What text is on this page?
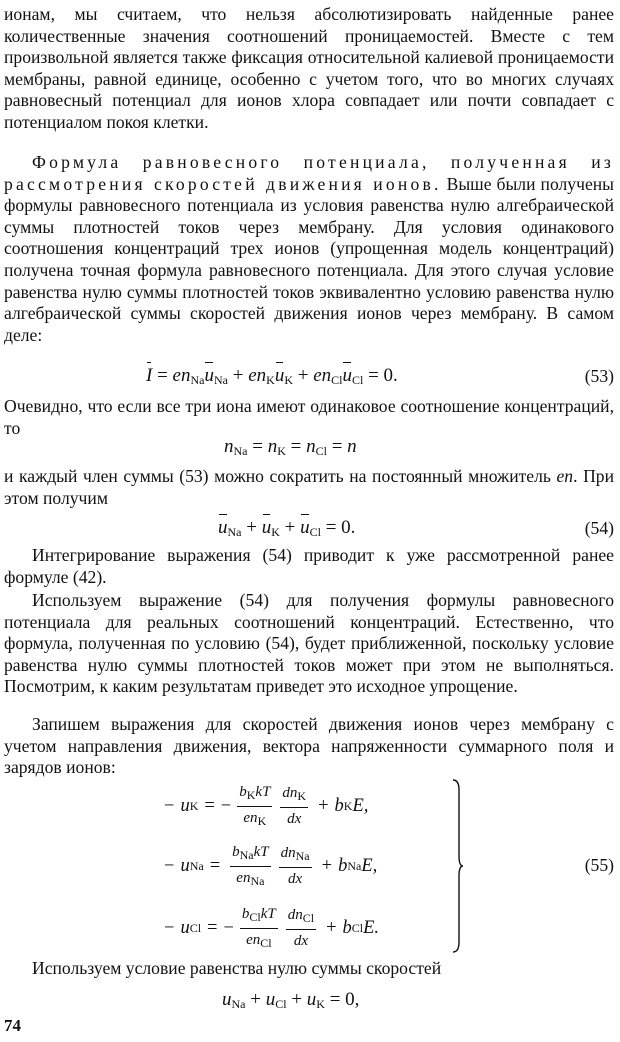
ионам, мы считаем, что нельзя абсолютизировать найденные ранее количественные значения соотношений проницаемостей. Вместе с тем произвольной является также фиксация относительной калиевой проницаемости мембраны, равной единице, особенно с учетом того, что во многих случаях равновесный потенциал для ионов хлора совпадает или почти совпадает с потенциалом покоя клетки.

Формула равновесного потенциала, полученная из рассмотрения скоростей движения ионов. Выше были получены формулы равновесного потенциала из условия равенства нулю алгебраической суммы плотностей токов через мембрану. Для условия одинакового соотношения концентраций трех ионов (упрощенная модель концентраций) получена точная формула равновесного потенциала. Для этого случая условие равенства нулю суммы плотностей токов эквивалентно условию равенства нулю алгебраической суммы скоростей движения ионов через мембрану. В самом деле:

$I = en_{Na}u_{Na} + en_Ku_K + en_{Cl}u_{Cl} = 0$.	(53)

Очевидно, что если все три иона имеют одинаковое соотношение концентраций, то

$n_{Na} = n_K = n_{Cl} = n$

и каждый член суммы (53) можно сократить на постоянный множитель en. При этом получим

$u_{Na} + u_K + u_{Cl} = 0$.	(54)

Интегрирование выражения (54) приводит к уже рассмотренной ранее формуле (42).

Используем выражение (54) для получения формулы равновесного потенциала для реальных соотношений концентраций. Естественно, что формула, полученная по условию (54), будет приближенной, поскольку условие равенства нулю суммы плотностей токов может при этом не выполняться. Посмотрим, к каким результатам приведет это исходное упрощение.

Запишем выражения для скоростей движения ионов через мембрану с учетом направления движения, вектора напряженности суммарного поля и зарядов ионов:

− u K = − $\frac{b_KkT}{en_K} \frac{dn_K}{dx} + b$ K E,
− u $Na = \frac{b_{Na}kT}{en_{Na}} \frac{dn_{Na}}{dx} + b$ Na E,
− u Cl = − $\frac{b_{Cl}kT}{en_{Cl}} \frac{dn_{Cl}}{dx} + b$ Cl E.
(55)

Используем условие равенства нулю суммы скоростей

$u_{Na} + u_{Cl} + u_K = 0$,
74
